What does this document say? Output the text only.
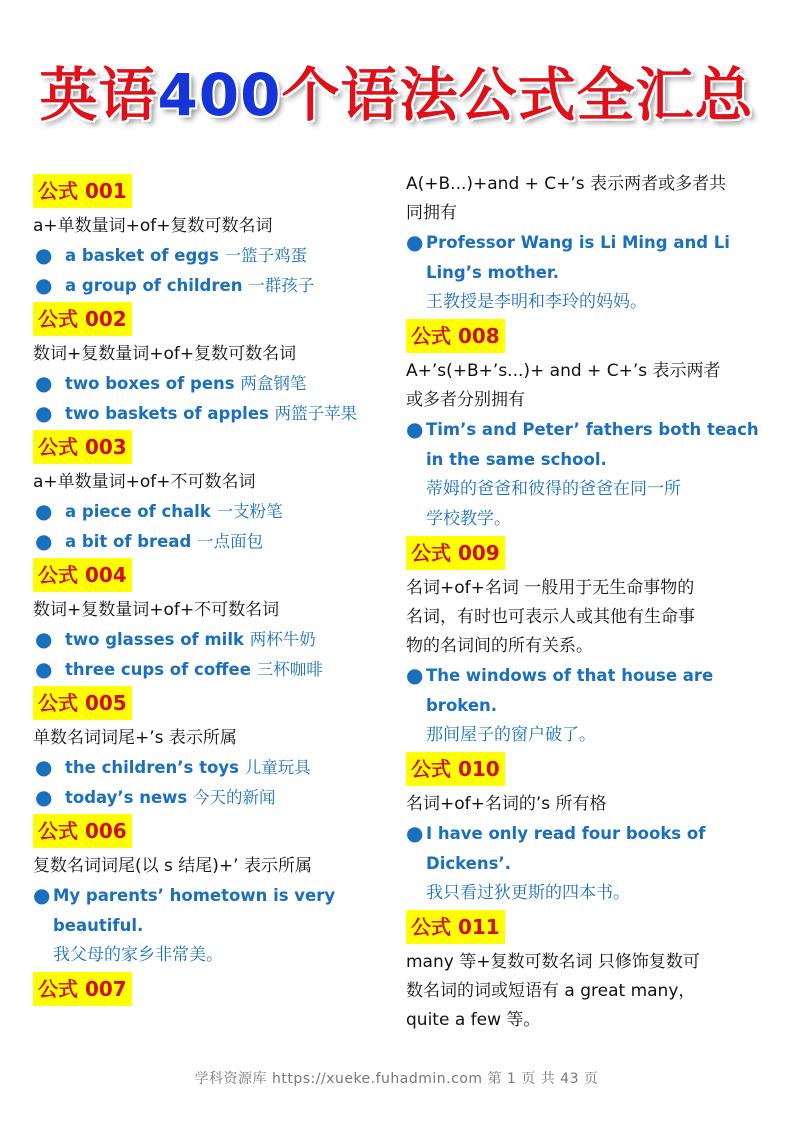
英语400个语法公式全汇总
公式 001
a+单数量词+of+复数可数名词
● a basket of eggs 一篮子鸡蛋
● a group of children 一群孩子
公式 002
数词+复数量词+of+复数可数名词
● two boxes of pens 两盒钢笔
● two baskets of apples 两篮子苹果
公式 003
a+单数量词+of+不可数名词
● a piece of chalk 一支粉笔
● a bit of bread 一点面包
公式 004
数词+复数量词+of+不可数名词
● two glasses of milk 两杯牛奶
● three cups of coffee 三杯咖啡
公式 005
单数名词词尾+’s 表示所属
● the children’s toys 儿童玩具
● today’s news 今天的新闻
公式 006
复数名词词尾(以 s 结尾)+’ 表示所属
● My parents’ hometown is very
beautiful.
我父母的家乡非常美。
公式 007
A(+B...)+and + C+’s 表示两者或多者共
同拥有
● Professor Wang is Li Ming and Li
Ling’s mother.
王教授是李明和李玲的妈妈。
公式 008
A+’s(+B+’s...)+ and + C+’s 表示两者
或多者分别拥有
● Tim’s and Peter’ fathers both teach
in the same school.
蒂姆的爸爸和彼得的爸爸在同一所
学校教学。
公式 009
名词+of+名词 一般用于无生命事物的
名词，有时也可表示人或其他有生命事
物的名词间的所有关系。
● The windows of that house are
broken.
那间屋子的窗户破了。
公式 010
名词+of+名词的’s 所有格
● I have only read four books of
Dickens’.
我只看过狄更斯的四本书。
公式 011
many 等+复数可数名词 只修饰复数可
数名词的词或短语有 a great many，
quite a few 等。
学科资源库 https://xueke.fuhadmin.com 第 1 页 共 43 页
